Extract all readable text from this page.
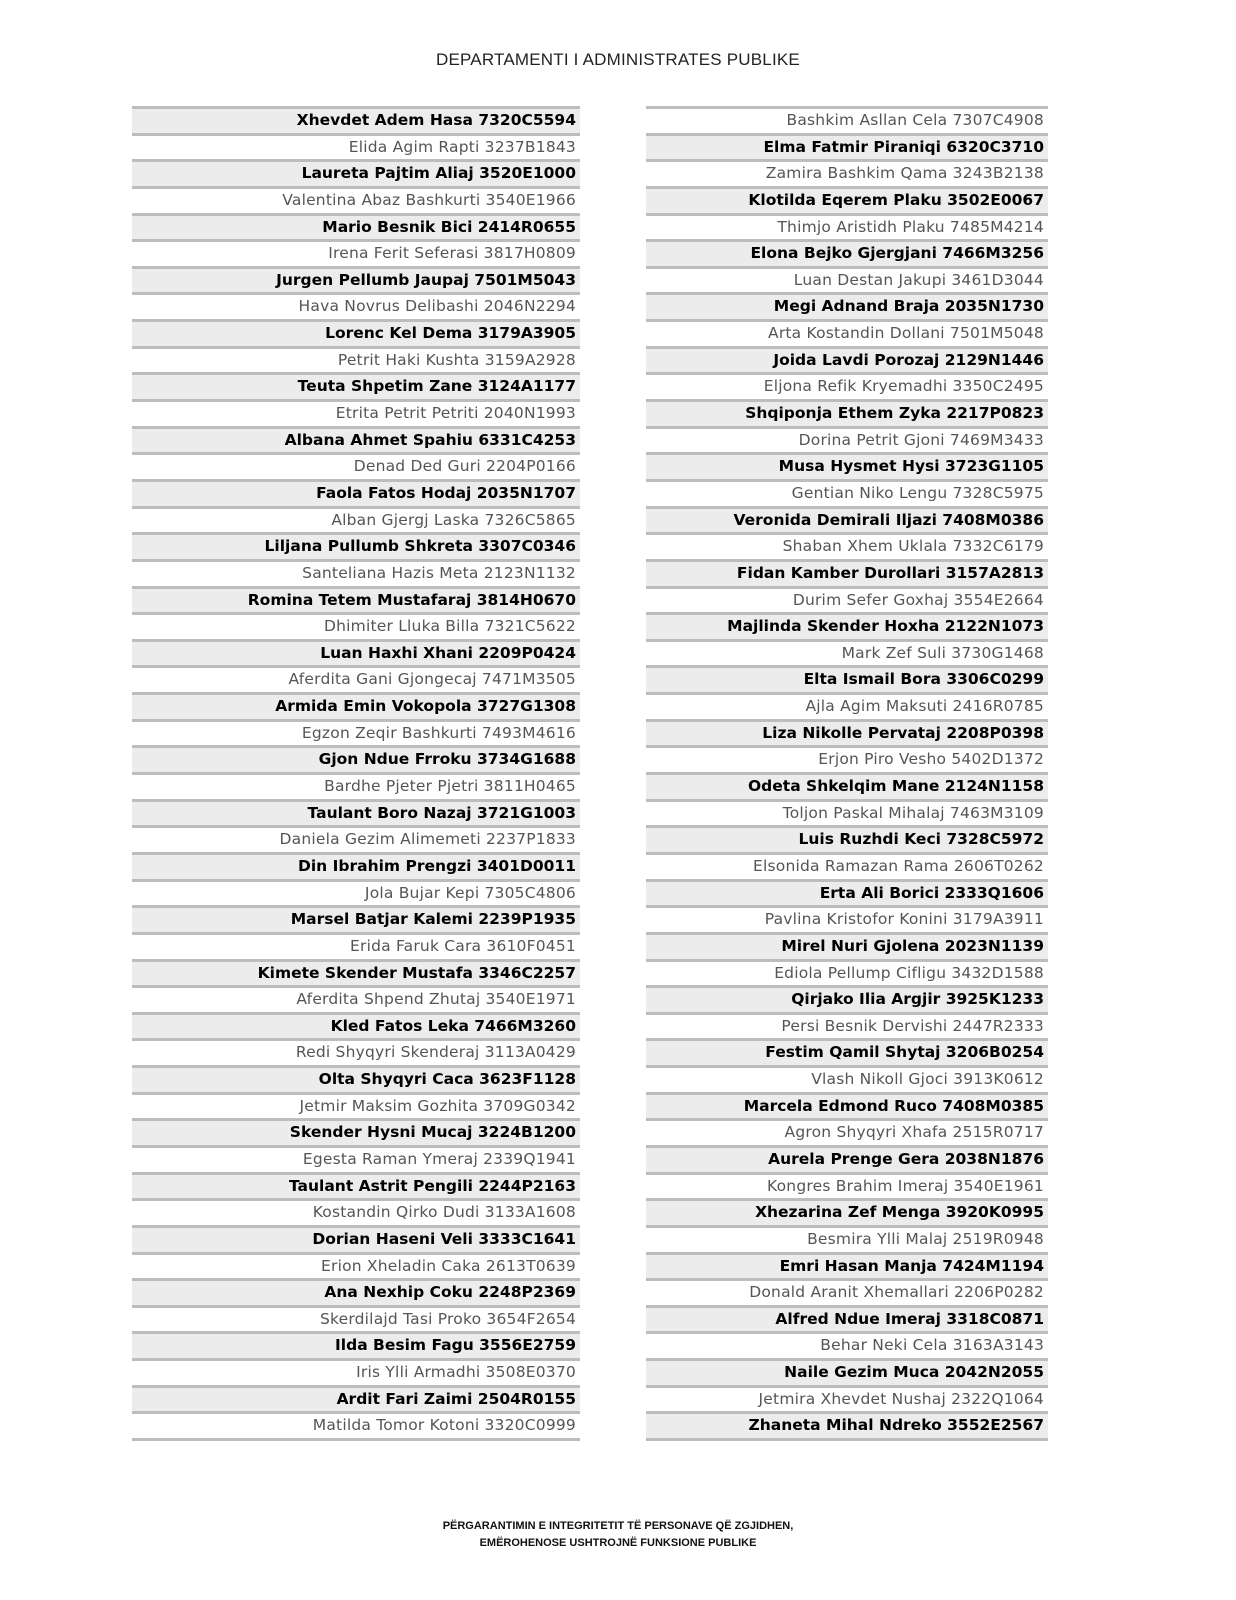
DEPARTAMENTI I ADMINISTRATES PUBLIKE
Xhevdet Adem Hasa 7320C5594
Elida Agim Rapti 3237B1843
Laureta Pajtim Aliaj 3520E1000
Valentina Abaz Bashkurti 3540E1966
Mario Besnik Bici 2414R0655
Irena Ferit Seferasi 3817H0809
Jurgen Pellumb Jaupaj 7501M5043
Hava Novrus Delibashi 2046N2294
Lorenc Kel Dema 3179A3905
Petrit Haki Kushta 3159A2928
Teuta Shpetim Zane 3124A1177
Etrita Petrit Petriti 2040N1993
Albana Ahmet Spahiu 6331C4253
Denad Ded Guri 2204P0166
Faola Fatos Hodaj 2035N1707
Alban Gjergj Laska 7326C5865
Liljana Pullumb Shkreta 3307C0346
Santeliana Hazis Meta 2123N1132
Romina Tetem Mustafaraj 3814H0670
Dhimiter Lluka Billa 7321C5622
Luan Haxhi Xhani 2209P0424
Aferdita Gani Gjongecaj 7471M3505
Armida Emin Vokopola 3727G1308
Egzon Zeqir Bashkurti 7493M4616
Gjon Ndue Frroku 3734G1688
Bardhe Pjeter Pjetri 3811H0465
Taulant Boro Nazaj 3721G1003
Daniela Gezim Alimemeti 2237P1833
Din Ibrahim Prengzi 3401D0011
Jola Bujar Kepi 7305C4806
Marsel Batjar Kalemi 2239P1935
Erida Faruk Cara 3610F0451
Kimete Skender Mustafa 3346C2257
Aferdita Shpend Zhutaj 3540E1971
Kled Fatos Leka 7466M3260
Redi Shyqyri Skenderaj 3113A0429
Olta Shyqyri Caca 3623F1128
Jetmir Maksim Gozhita 3709G0342
Skender Hysni Mucaj 3224B1200
Egesta Raman Ymeraj 2339Q1941
Taulant Astrit Pengili 2244P2163
Kostandin Qirko Dudi 3133A1608
Dorian Haseni Veli 3333C1641
Erion Xheladin Caka 2613T0639
Ana Nexhip Coku 2248P2369
Skerdilajd Tasi Proko 3654F2654
Ilda Besim Fagu 3556E2759
Iris Ylli Armadhi 3508E0370
Ardit Fari Zaimi 2504R0155
Matilda Tomor Kotoni 3320C0999
Bashkim Asllan Cela 7307C4908
Elma Fatmir Piraniqi 6320C3710
Zamira Bashkim Qama 3243B2138
Klotilda Eqerem Plaku 3502E0067
Thimjo Aristidh Plaku 7485M4214
Elona Bejko Gjergjani 7466M3256
Luan Destan Jakupi 3461D3044
Megi Adnand Braja 2035N1730
Arta Kostandin Dollani 7501M5048
Joida Lavdi Porozaj 2129N1446
Eljona Refik Kryemadhi 3350C2495
Shqiponja Ethem Zyka 2217P0823
Dorina Petrit Gjoni 7469M3433
Musa Hysmet Hysi 3723G1105
Gentian Niko Lengu 7328C5975
Veronida Demirali Iljazi 7408M0386
Shaban Xhem Uklala 7332C6179
Fidan Kamber Durollari 3157A2813
Durim Sefer Goxhaj 3554E2664
Majlinda Skender Hoxha 2122N1073
Mark Zef Suli 3730G1468
Elta Ismail Bora 3306C0299
Ajla Agim Maksuti 2416R0785
Liza Nikolle Pervataj 2208P0398
Erjon Piro Vesho 5402D1372
Odeta Shkelqim Mane 2124N1158
Toljon Paskal Mihalaj 7463M3109
Luis Ruzhdi Keci 7328C5972
Elsonida Ramazan Rama 2606T0262
Erta Ali Borici 2333Q1606
Pavlina Kristofor Konini 3179A3911
Mirel Nuri Gjolena 2023N1139
Ediola Pellump Cifligu 3432D1588
Qirjako Ilia Argjir 3925K1233
Persi Besnik Dervishi 2447R2333
Festim Qamil Shytaj 3206B0254
Vlash Nikoll Gjoci 3913K0612
Marcela Edmond Ruco 7408M0385
Agron Shyqyri Xhafa 2515R0717
Aurela Prenge Gera 2038N1876
Kongres Brahim Imeraj 3540E1961
Xhezarina Zef Menga 3920K0995
Besmira Ylli Malaj 2519R0948
Emri Hasan Manja 7424M1194
Donald Aranit Xhemallari 2206P0282
Alfred Ndue Imeraj 3318C0871
Behar Neki Cela 3163A3143
Naile Gezim Muca 2042N2055
Jetmira Xhevdet Nushaj 2322Q1064
Zhaneta Mihal Ndreko 3552E2567
PËRGARANTIMIN E INTEGRITETIT TË PERSONAVE QË ZGJIDHEN,
EMËROHENOSE USHTROJNË FUNKSIONE PUBLIKE
